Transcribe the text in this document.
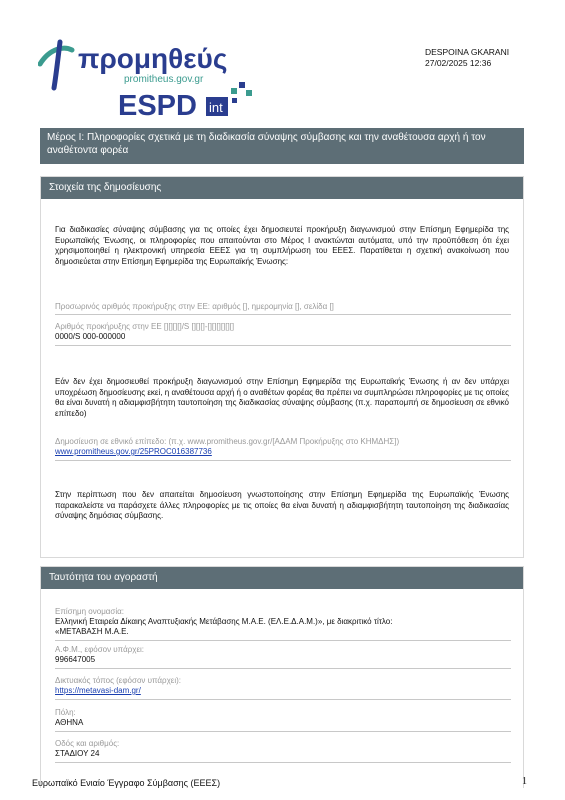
προμηθεύς
promitheus.gov.gr
ESPD int
DESPOINA GKARANI
27/02/2025 12:36
Μέρος Ι: Πληροφορίες σχετικά με τη διαδικασία σύναψης σύμβασης και την αναθέτουσα αρχή ή τον αναθέτοντα φορέα
Στοιχεία της δημοσίευσης
Για διαδικασίες σύναψης σύμβασης για τις οποίες έχει δημοσιευτεί προκήρυξη διαγωνισμού στην Επίσημη Εφημερίδα της Ευρωπαϊκής Ένωσης, οι πληροφορίες που απαιτούνται στο Μέρος Ι ανακτώνται αυτόματα, υπό την προϋπόθεση ότι έχει χρησιμοποιηθεί η ηλεκτρονική υπηρεσία ΕΕΕΣ για τη συμπλήρωση του ΕΕΕΣ. Παρατίθεται η σχετική ανακοίνωση που δημοσιεύεται στην Επίσημη Εφημερίδα της Ευρωπαϊκής Ένωσης:
Προσωρινός αριθμός προκήρυξης στην ΕΕ: αριθμός [], ημερομηνία [], σελίδα []
Αριθμός προκήρυξης στην ΕΕ [][][][]/S [][][]-[][][][][][]
0000/S 000-000000
Εάν δεν έχει δημοσιευθεί προκήρυξη διαγωνισμού στην Επίσημη Εφημερίδα της Ευρωπαϊκής Ένωσης ή αν δεν υπάρχει υποχρέωση δημοσίευσης εκεί, η αναθέτουσα αρχή ή ο αναθέτων φορέας θα πρέπει να συμπληρώσει πληροφορίες με τις οποίες θα είναι δυνατή η αδιαμφισβήτητη ταυτοποίηση της διαδικασίας σύναψης σύμβασης (π.χ. παραπομπή σε δημοσίευση σε εθνικό επίπεδο)
Δημοσίευση σε εθνικό επίπεδο: (π.χ. www.promitheus.gov.gr/[ΑΔΑΜ Προκήρυξης στο ΚΗΜΔΗΣ])
www.promitheus.gov.gr/25PROC016387736
Στην περίπτωση που δεν απαιτείται δημοσίευση γνωστοποίησης στην Επίσημη Εφημερίδα της Ευρωπαϊκής Ένωσης παρακαλείστε να παράσχετε άλλες πληροφορίες με τις οποίες θα είναι δυνατή η αδιαμφισβήτητη ταυτοποίηση της διαδικασίας σύναψης δημόσιας σύμβασης.
Ταυτότητα του αγοραστή
Επίσημη ονομασία:
Ελληνική Εταιρεία Δίκαιης Αναπτυξιακής Μετάβασης Μ.Α.Ε. (ΕΛ.Ε.Δ.Α.Μ.)», με διακριτικό τίτλο:
«ΜΕΤΑΒΑΣΗ Μ.Α.Ε.
Α.Φ.Μ., εφόσον υπάρχει:
996647005
Δικτυακός τόπος (εφόσον υπάρχει):
https://metavasi-dam.gr/
Πόλη:
ΑΘΗΝΑ
Οδός και αριθμός:
ΣΤΑΔΙΟΥ 24
Ευρωπαϊκό Ενιαίο Έγγραφο Σύμβασης (ΕΕΕΣ)	1
